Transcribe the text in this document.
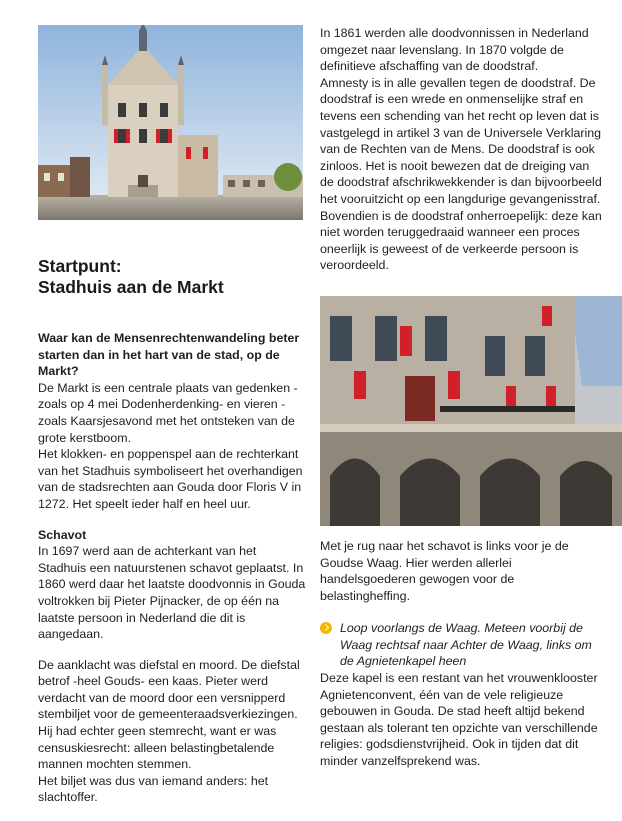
Startpunt:
Stadhuis aan de Markt

Waar kan de Mensenrechtenwandeling beter starten dan in het hart van de stad, op de Markt?

De Markt is een centrale plaats van gedenken -zoals op 4 mei Dodenherdenking- en vieren -zoals Kaarsjesavond met het ontsteken van de grote kerstboom.

Het klokken- en poppenspel aan de rechterkant van het Stadhuis symboliseert het overhandigen van de stadsrechten aan Gouda door Floris V in 1272. Het speelt ieder half en heel uur.

Schavot

In 1697 werd aan de achterkant van het Stadhuis een natuurstenen schavot geplaatst. In 1860 werd daar het laatste doodvonnis in Gouda voltrokken bij Pieter Pijnacker, de op één na laatste persoon in Nederland die dit is aangedaan.

De aanklacht was diefstal en moord. De diefstal betrof -heel Gouds- een kaas. Pieter werd verdacht van de moord door een versnipperd stembiljet voor de gemeenteraadsverkiezingen. Hij had echter geen stemrecht, want er was censuskiesrecht: alleen belastingbetalende mannen mochten stemmen.

Het biljet was dus van iemand anders: het slachtoffer.

In 1861 werden alle doodvonnissen in Nederland omgezet naar levenslang. In 1870 volgde de definitieve afschaffing van de doodstraf.

Amnesty is in alle gevallen tegen de doodstraf. De doodstraf is een wrede en onmenselijke straf en tevens een schending van het recht op leven dat is vastgelegd in artikel 3 van de Universele Verklaring van de Rechten van de Mens. De doodstraf is ook zinloos. Het is nooit bewezen dat de dreiging van de doodstraf afschrikwekkender is dan bijvoorbeeld het vooruitzicht op een langdurige gevangenisstraf. Bovendien is de doodstraf onherroepelijk: deze kan niet worden teruggedraaid wanneer een proces oneerlijk is geweest of de verkeerde persoon is veroordeeld.

Met je rug naar het schavot is links voor je de Goudse Waag. Hier werden allerlei handelsgoederen gewogen voor de belastingheffing.

Loop voorlangs de Waag. Meteen voorbij de Waag rechtsaf naar Achter de Waag, links om de Agnietenkapel heen

Deze kapel is een restant van het vrouwenklooster Agnietenconvent, één van de vele religieuze gebouwen in Gouda. De stad heeft altijd bekend gestaan als tolerant ten opzichte van verschillende religies: godsdienstvrijheid. Ook in tijden dat dit minder vanzelfsprekend was.
